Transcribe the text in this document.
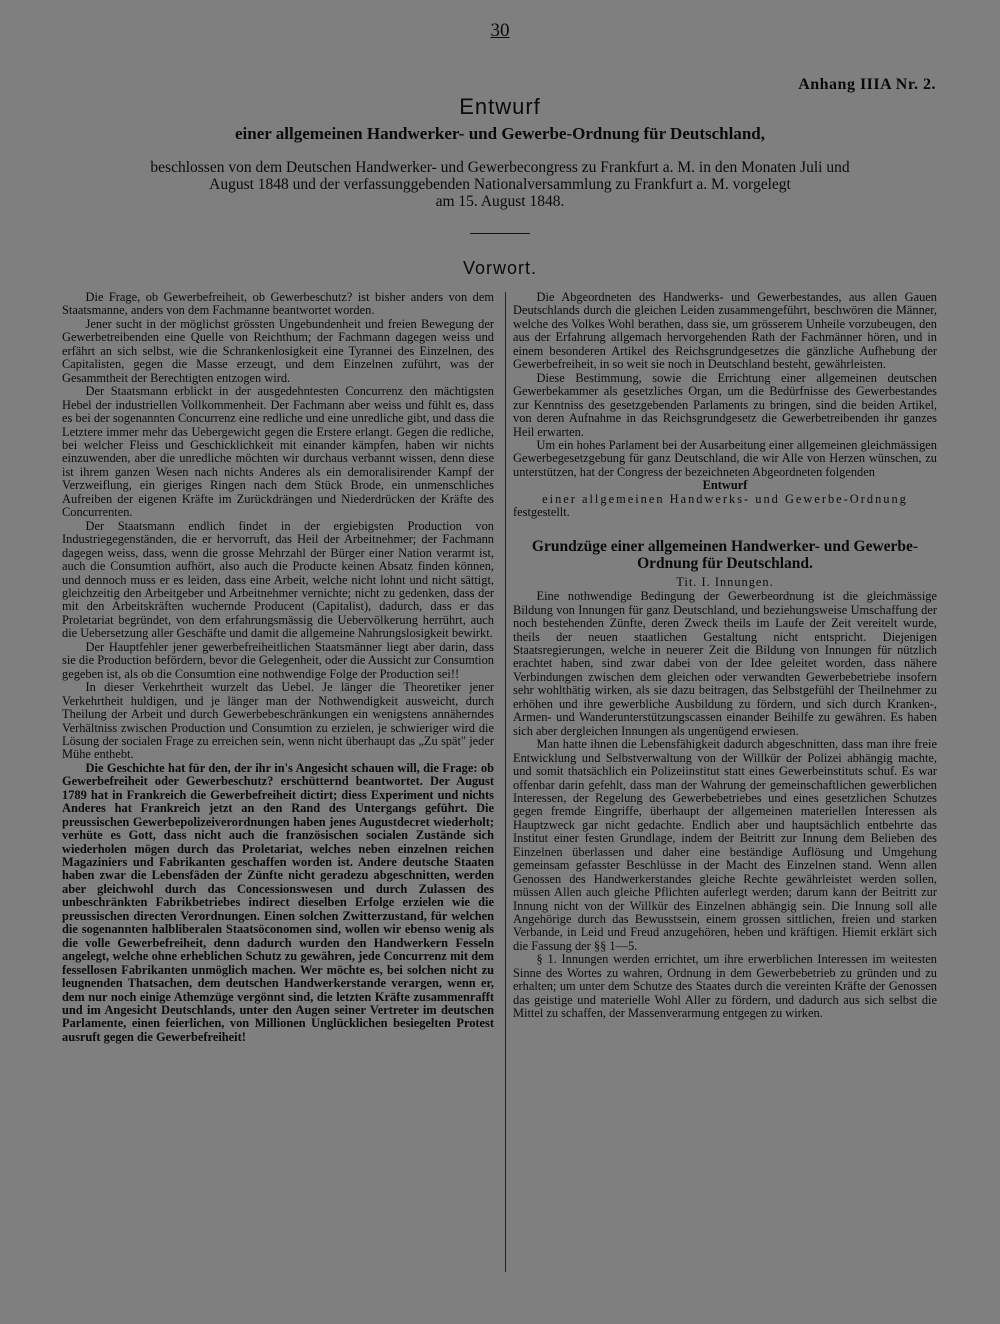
30
Anhang IIIA Nr. 2.
Entwurf
einer allgemeinen Handwerker- und Gewerbe-Ordnung für Deutschland,
beschlossen von dem Deutschen Handwerker- und Gewerbecongress zu Frankfurt a. M. in den Monaten Juli und
August 1848 und der verfassunggebenden Nationalversammlung zu Frankfurt a. M. vorgelegt
am 15. August 1848.
Vorwort.

Die Frage, ob Gewerbefreiheit, ob Gewerbeschutz? ist bisher anders von dem Staatsmanne, anders von dem Fachmanne beantwortet worden.

Jener sucht in der möglichst grössten Ungebundenheit und freien Bewegung der Gewerbetreibenden eine Quelle von Reichthum; der Fachmann dagegen weiss und erfährt an sich selbst, wie die Schrankenlosigkeit eine Tyrannei des Einzelnen, des Capitalisten, gegen die Masse erzeugt, und dem Einzelnen zuführt, was der Gesammtheit der Berechtigten entzogen wird.

Der Staatsmann erblickt in der ausgedehntesten Concurrenz den mächtigsten Hebel der industriellen Vollkommenheit. Der Fachmann aber weiss und fühlt es, dass es bei der sogenannten Concurrenz eine redliche und eine unredliche gibt, und dass die Letztere immer mehr das Uebergewicht gegen die Erstere erlangt. Gegen die redliche, bei welcher Fleiss und Geschicklichkeit mit einander kämpfen, haben wir nichts einzuwenden, aber die unredliche möchten wir durchaus verbannt wissen, denn diese ist ihrem ganzen Wesen nach nichts Anderes als ein demoralisirender Kampf der Verzweiflung, ein gieriges Ringen nach dem Stück Brode, ein unmenschliches Aufreiben der eigenen Kräfte im Zurückdrängen und Niederdrücken der Kräfte des Concurrenten.

Der Staatsmann endlich findet in der ergiebigsten Production von Industriegegenständen, die er hervorruft, das Heil der Arbeitnehmer; der Fachmann dagegen weiss, dass, wenn die grosse Mehrzahl der Bürger einer Nation verarmt ist, auch die Consumtion aufhört, also auch die Producte keinen Absatz finden können, und dennoch muss er es leiden, dass eine Arbeit, welche nicht lohnt und nicht sättigt, gleichzeitig den Arbeitgeber und Arbeitnehmer vernichte; nicht zu gedenken, dass der mit den Arbeitskräften wuchernde Producent (Capitalist), dadurch, dass er das Proletariat begründet, von dem erfahrungsmässig die Uebervölkerung herrührt, auch die Uebersetzung aller Geschäfte und damit die allgemeine Nahrungslosigkeit bewirkt.

Der Hauptfehler jener gewerbefreiheitlichen Staatsmänner liegt aber darin, dass sie die Production befördern, bevor die Gelegenheit, oder die Aussicht zur Consumtion gegeben ist, als ob die Consumtion eine nothwendige Folge der Production sei!!

In dieser Verkehrtheit wurzelt das Uebel. Je länger die Theoretiker jener Verkehrtheit huldigen, und je länger man der Nothwendigkeit ausweicht, durch Theilung der Arbeit und durch Gewerbebeschränkungen ein wenigstens annäherndes Verhältniss zwischen Production und Consumtion zu erzielen, je schwieriger wird die Lösung der socialen Frage zu erreichen sein, wenn nicht überhaupt das „Zu spät" jeder Mühe enthebt.

Die Geschichte hat für den, der ihr in's Angesicht schauen will, die Frage: ob Gewerbefreiheit oder Gewerbeschutz? erschütternd beantwortet. Der August 1789 hat in Frankreich die Gewerbefreiheit dictirt; diess Experiment und nichts Anderes hat Frankreich jetzt an den Rand des Untergangs geführt. Die preussischen Gewerbepolizeiverordnungen haben jenes Augustdecret wiederholt; verhüte es Gott, dass nicht auch die französischen socialen Zustände sich wiederholen mögen durch das Proletariat, welches neben einzelnen reichen Magaziniers und Fabrikanten geschaffen worden ist. Andere deutsche Staaten haben zwar die Lebensfäden der Zünfte nicht geradezu abgeschnitten, werden aber gleichwohl durch das Concessionswesen und durch Zulassen des unbeschränkten Fabrikbetriebes indirect dieselben Erfolge erzielen wie die preussischen directen Verordnungen. Einen solchen Zwitterzustand, für welchen die sogenannten halbliberalen Staatsöconomen sind, wollen wir ebenso wenig als die volle Gewerbefreiheit, denn dadurch wurden den Handwerkern Fesseln angelegt, welche ohne erheblichen Schutz zu gewähren, jede Concurrenz mit dem fessellosen Fabrikanten unmöglich machen. Wer möchte es, bei solchen nicht zu leugnenden Thatsachen, dem deutschen Handwerkerstande verargen, wenn er, dem nur noch einige Athemzüge vergönnt sind, die letzten Kräfte zusammenrafft und im Angesicht Deutschlands, unter den Augen seiner Vertreter im deutschen Parlamente, einen feierlichen, von Millionen Unglücklichen besiegelten Protest ausruft gegen die Gewerbefreiheit!

Die Abgeordneten des Handwerks- und Gewerbestandes, aus allen Gauen Deutschlands durch die gleichen Leiden zusammengeführt, beschwören die Männer, welche des Volkes Wohl berathen, dass sie, um grösserem Unheile vorzubeugen, den aus der Erfahrung allgemach hervorgehenden Rath der Fachmänner hören, und in einem besonderen Artikel des Reichsgrundgesetzes die gänzliche Aufhebung der Gewerbefreiheit, in so weit sie noch in Deutschland besteht, gewährleisten.

Diese Bestimmung, sowie die Errichtung einer allgemeinen deutschen Gewerbekammer als gesetzliches Organ, um die Bedürfnisse des Gewerbestandes zur Kenntniss des gesetzgebenden Parlaments zu bringen, sind die beiden Artikel, von deren Aufnahme in das Reichsgrundgesetz die Gewerbetreibenden ihr ganzes Heil erwarten.

Um ein hohes Parlament bei der Ausarbeitung einer allgemeinen gleichmässigen Gewerbegesetzgebung für ganz Deutschland, die wir Alle von Herzen wünschen, zu unterstützen, hat der Congress der bezeichneten Abgeordneten folgenden

Entwurf

einer allgemeinen Handwerks- und Gewerbe-Ordnung

festgestellt.

Grundzüge einer allgemeinen Handwerker- und Gewerbe-Ordnung für Deutschland.

Tit. I. Innungen.

Eine nothwendige Bedingung der Gewerbeordnung ist die gleichmässige Bildung von Innungen für ganz Deutschland, und beziehungsweise Umschaffung der noch bestehenden Zünfte, deren Zweck theils im Laufe der Zeit vereitelt wurde, theils der neuen staatlichen Gestaltung nicht entspricht. Diejenigen Staatsregierungen, welche in neuerer Zeit die Bildung von Innungen für nützlich erachtet haben, sind zwar dabei von der Idee geleitet worden, dass nähere Verbindungen zwischen dem gleichen oder verwandten Gewerbebetriebe insofern sehr wohlthätig wirken, als sie dazu beitragen, das Selbstgefühl der Theilnehmer zu erhöhen und ihre gewerbliche Ausbildung zu fördern, und sich durch Kranken-, Armen- und Wanderunterstützungscassen einander Beihilfe zu gewähren. Es haben sich aber dergleichen Innungen als ungenügend erwiesen.

Man hatte ihnen die Lebensfähigkeit dadurch abgeschnitten, dass man ihre freie Entwicklung und Selbstverwaltung von der Willkür der Polizei abhängig machte, und somit thatsächlich ein Polizeiinstitut statt eines Gewerbeinstituts schuf. Es war offenbar darin gefehlt, dass man der Wahrung der gemeinschaftlichen gewerblichen Interessen, der Regelung des Gewerbebetriebes und eines gesetzlichen Schutzes gegen fremde Eingriffe, überhaupt der allgemeinen materiellen Interessen als Hauptzweck gar nicht gedachte. Endlich aber und hauptsächlich entbehrte das Institut einer festen Grundlage, indem der Beitritt zur Innung dem Belieben des Einzelnen überlassen und daher eine beständige Auflösung und Umgehung gemeinsam gefasster Beschlüsse in der Macht des Einzelnen stand. Wenn allen Genossen des Handwerkerstandes gleiche Rechte gewährleistet werden sollen, müssen Allen auch gleiche Pflichten auferlegt werden; darum kann der Beitritt zur Innung nicht von der Willkür des Einzelnen abhängig sein. Die Innung soll alle Angehörige durch das Bewusstsein, einem grossen sittlichen, freien und starken Verbande, in Leid und Freud anzugehören, heben und kräftigen. Hiemit erklärt sich die Fassung der §§ 1—5.

§ 1. Innungen werden errichtet, um ihre erwerblichen Interessen im weitesten Sinne des Wortes zu wahren, Ordnung in dem Gewerbebetrieb zu gründen und zu erhalten; um unter dem Schutze des Staates durch die vereinten Kräfte der Genossen das geistige und materielle Wohl Aller zu fördern, und dadurch aus sich selbst die Mittel zu schaffen, der Massenverarmung entgegen zu wirken.
